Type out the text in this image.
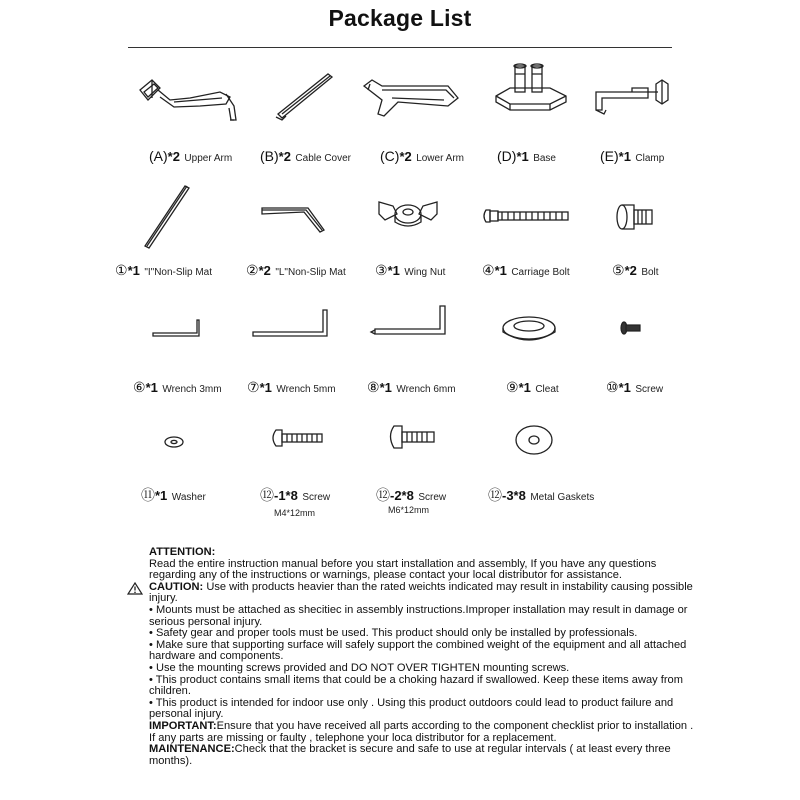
Package List
(A)*2 Upper Arm (B)*2 Cable Cover (C)*2 Lower Arm (D)*1 Base	(E)*1 Clamp
①*1 "I"Non-Slip Mat ②*2 "L"Non-Slip Mat ③*1 Wing Nut	④*1 Carriage Bolt	⑤*2 Bolt
⑥*1 Wrench 3mm ⑦*1 Wrench 5mm ⑧*1 Wrench 6mm	⑨*1 Cleat	⑩*1 Screw
⑪*1 Washer	⑫-1*8 Screw
M4*12mm
⑫-2*8 Screw
M6*12mm
⑫-3*8 Metal Gaskets

ATTENTION:

Read the entire instruction manual before you start installation and assembly, If you have any questions regarding any of the instructions or warnings, please contact your local distributor for assistance.

CAUTION: Use with products heavier than the rated weichts indicated may result in instability causing possible injury.

• Mounts must be attached as shecitiec in assembly instructions.Improper installation may result in damage or serious personal injury.

• Safety gear and proper tools must be used. This product should only be installed by professionals.

• Make sure that supporting surface will safely support the combined weight of the equipment and all attached hardware and components.

• Use the mounting screws provided and DO NOT OVER TIGHTEN mounting screws.

• This product contains small items that could be a choking hazard if swallowed. Keep these items away from children.

• This product is intended for indoor use only . Using this product outdoors could lead to product failure and personal injury.

IMPORTANT:Ensure that you have received all parts according to the component checklist prior to installation . If any parts are missing or faulty , telephone your loca distributor for a replacement.

MAINTENANCE:Check that the bracket is secure and safe to use at regular intervals ( at least every three months).
